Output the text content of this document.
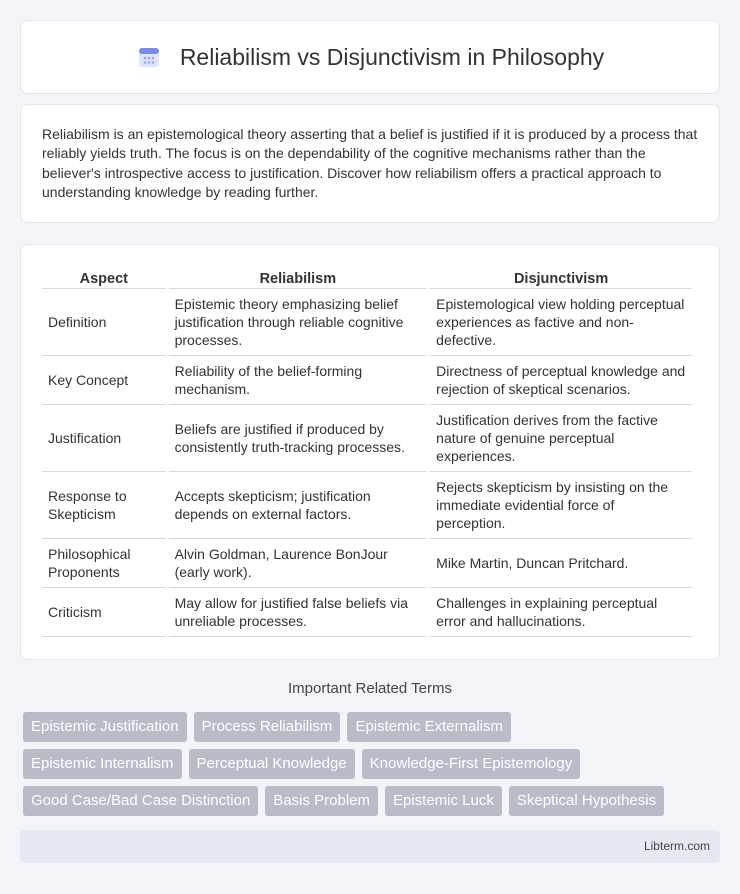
Reliabilism vs Disjunctivism in Philosophy

Reliabilism is an epistemological theory asserting that a belief is justified if it is produced by a process that reliably yields truth. The focus is on the dependability of the cognitive mechanisms rather than the believer's introspective access to justification. Discover how reliabilism offers a practical approach to understanding knowledge by reading further.

Aspect	Reliabilism	Disjunctivism
Definition	Epistemic theory emphasizing belief justification through reliable cognitive processes.	Epistemological view holding perceptual experiences as factive and non-defective.
Key Concept	Reliability of the belief-forming mechanism.	Directness of perceptual knowledge and rejection of skeptical scenarios.
Justification	Beliefs are justified if produced by consistently truth-tracking processes.	Justification derives from the factive nature of genuine perceptual experiences.
Response to Skepticism	Accepts skepticism; justification depends on external factors.	Rejects skepticism by insisting on the immediate evidential force of perception.
Philosophical Proponents	Alvin Goldman, Laurence BonJour (early work).	Mike Martin, Duncan Pritchard.
Criticism	May allow for justified false beliefs via unreliable processes.	Challenges in explaining perceptual error and hallucinations.
Important Related Terms
Epistemic Justification	Process Reliabilism	Epistemic Externalism
Epistemic Internalism	Perceptual Knowledge	Knowledge-First Epistemology
Good Case/Bad Case Distinction	Basis Problem	Epistemic Luck	Skeptical Hypothesis
Libterm.com
